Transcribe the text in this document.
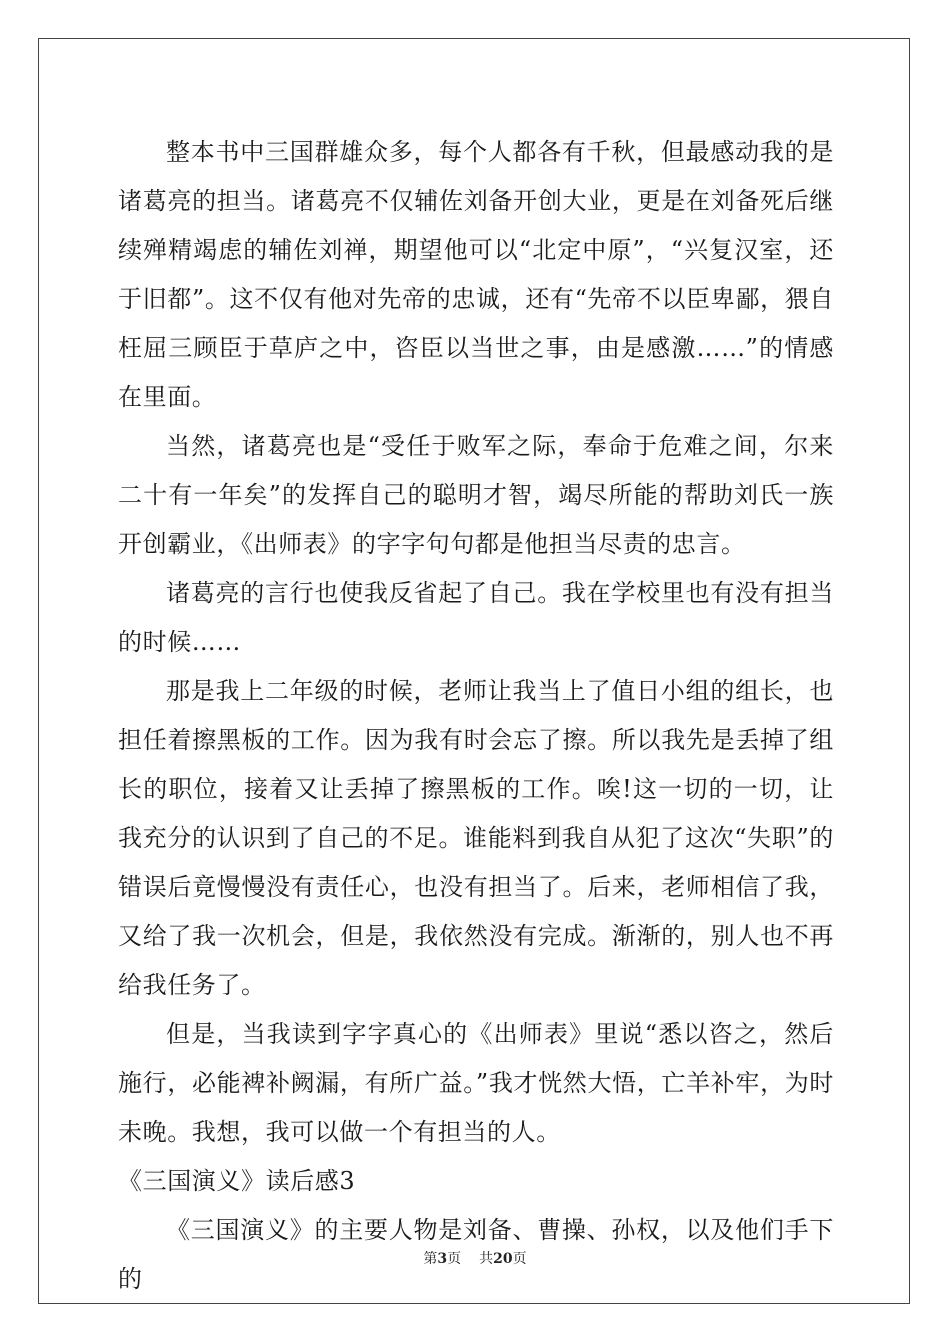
整本书中三国群雄众多，每个人都各有千秋，但最感动我的是诸葛亮的担当。诸葛亮不仅辅佐刘备开创大业，更是在刘备死后继续殚精竭虑的辅佐刘禅，期望他可以“北定中原”，“兴复汉室，还于旧都”。这不仅有他对先帝的忠诚，还有“先帝不以臣卑鄙，猥自枉屈三顾臣于草庐之中，咨臣以当世之事，由是感激……”的情感在里面。

当然，诸葛亮也是“受任于败军之际，奉命于危难之间，尔来二十有一年矣”的发挥自己的聪明才智，竭尽所能的帮助刘氏一族开创霸业，《出师表》的字字句句都是他担当尽责的忠言。

诸葛亮的言行也使我反省起了自己。我在学校里也有没有担当的时候……

那是我上二年级的时候，老师让我当上了值日小组的组长，也担任着擦黑板的工作。因为我有时会忘了擦。所以我先是丢掉了组长的职位，接着又让丢掉了擦黑板的工作。唉!这一切的一切，让我充分的认识到了自己的不足。谁能料到我自从犯了这次“失职”的错误后竟慢慢没有责任心，也没有担当了。后来，老师相信了我，又给了我一次机会，但是，我依然没有完成。渐渐的，别人也不再给我任务了。

但是，当我读到字字真心的《出师表》里说“悉以咨之，然后施行，必能裨补阙漏，有所广益。”我才恍然大悟，亡羊补牢，为时未晚。我想，我可以做一个有担当的人。

《三国演义》读后感3

《三国演义》的主要人物是刘备、曹操、孙权，以及他们手下的

第3页 共20页
